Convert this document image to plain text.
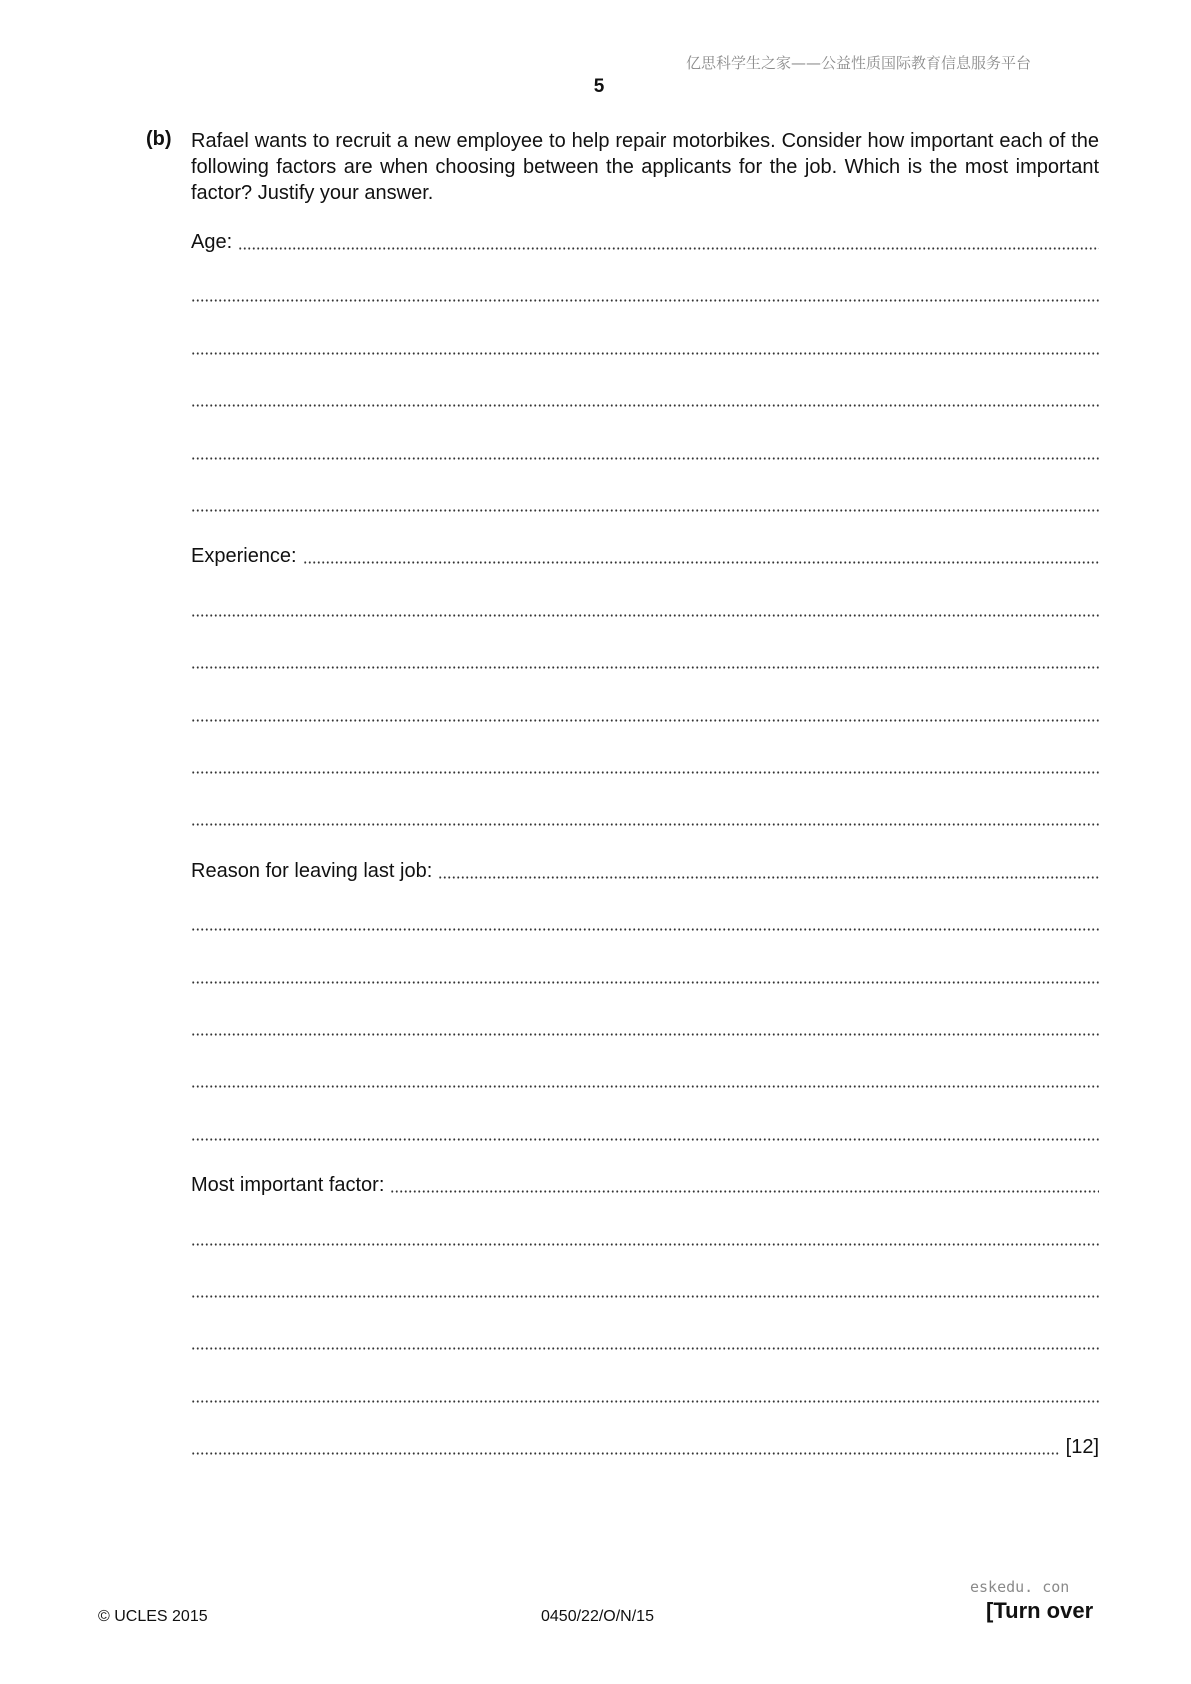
亿思科学生之家——公益性质国际教育信息服务平台
5
(b) Rafael wants to recruit a new employee to help repair motorbikes. Consider how important each of the following factors are when choosing between the applicants for the job. Which is the most important factor? Justify your answer.
Age:
Experience:
Reason for leaving last job:
Most important factor:
[12]
© UCLES 2015	0450/22/O/N/15
eskedu. con
[Turn over
